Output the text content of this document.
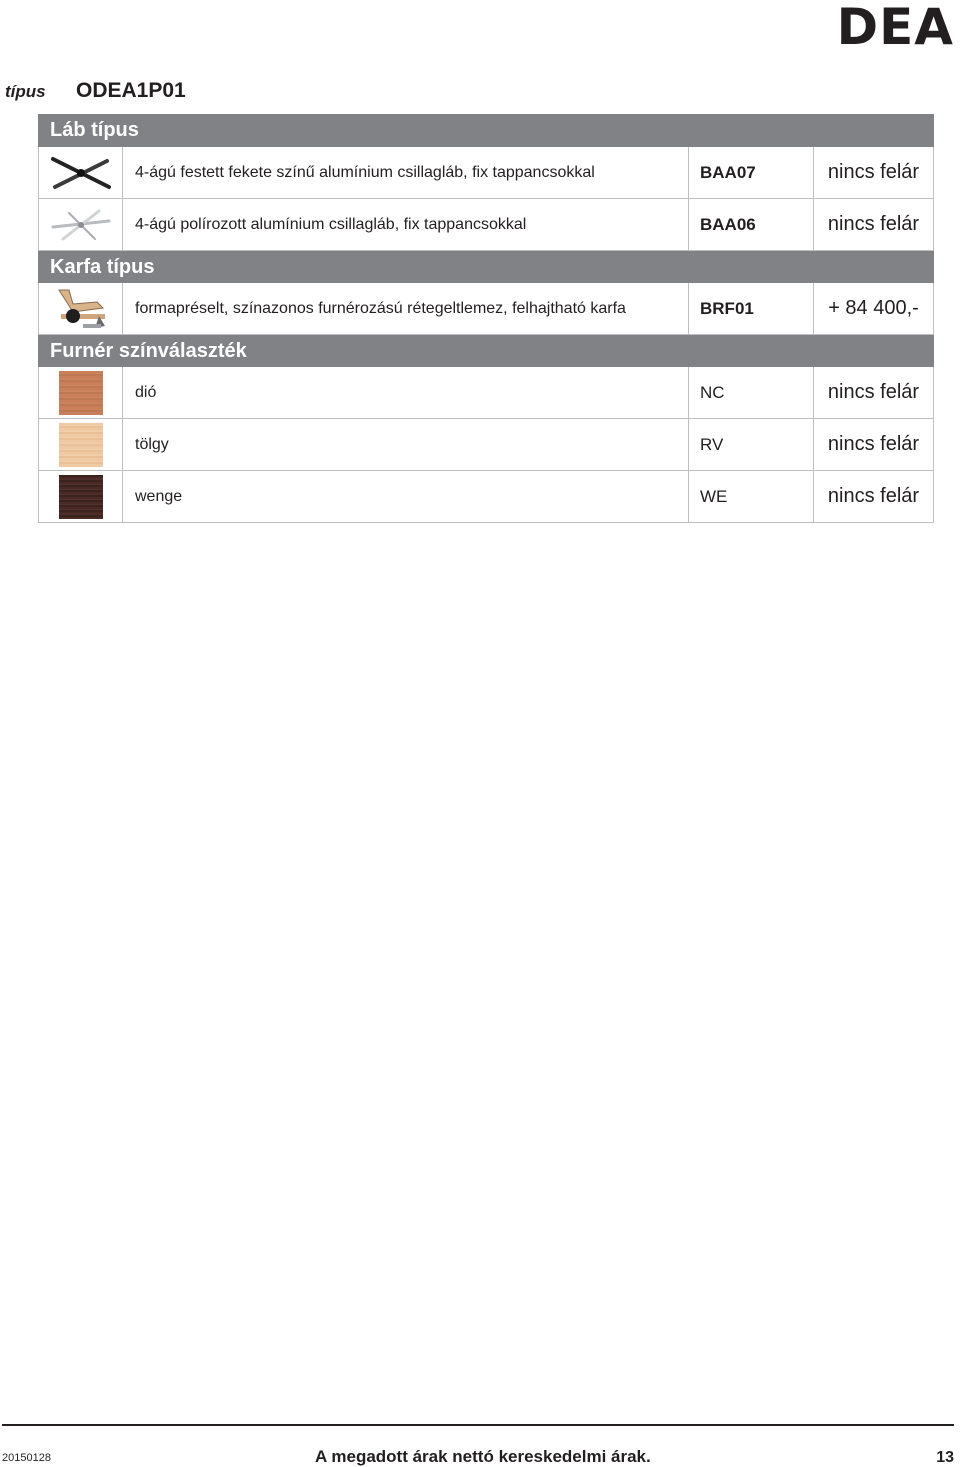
DEA
típus ODEA1P01
Láb típus
4-ágú festett fekete színű alumínium csillagláb, fix tappancsokkal	BAA07	nincs felár
4-ágú polírozott alumínium csillagláb, fix tappancsokkal	BAA06	nincs felár
Karfa típus
formapréselt, színazonos furnérozású rétegeltlemez, felhajtható karfa	BRF01	+ 84 400,-
Furnér színválaszték
dió	NC	nincs felár
tölgy	RV	nincs felár
wenge	WE	nincs felár
20150128	A megadott árak nettó kereskedelmi árak.	13
